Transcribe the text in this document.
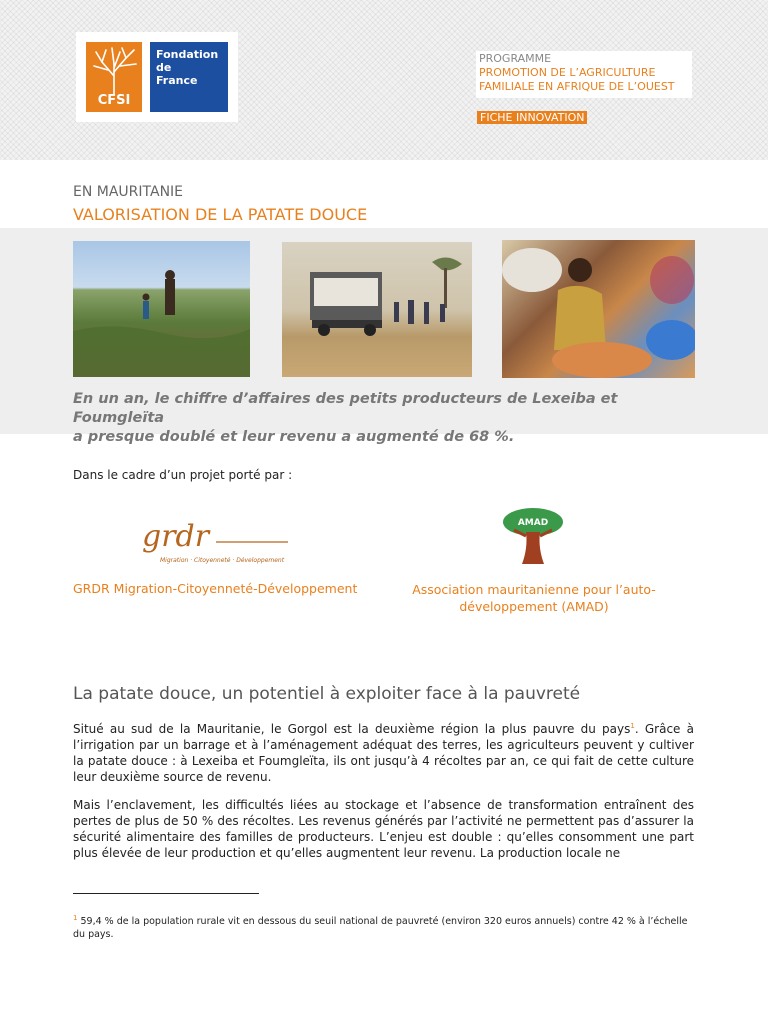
CFSI
Fondation
de
France
PROGRAMME
PROMOTION DE L’AGRICULTURE
FAMILIALE EN AFRIQUE DE L’OUEST
FICHE INNOVATION
EN MAURITANIE
VALORISATION DE LA PATATE DOUCE
En un an, le chiffre d’affaires des petits producteurs de Lexeiba et Foumgleïta
a presque doublé et leur revenu a augmenté de 68 %.
Dans le cadre d’un projet porté par :
grdr
Migration · Citoyenneté · Développement
AMAD
GRDR Migration-Citoyenneté-Développement	Association mauritanienne pour l’auto-
développement (AMAD)
La patate douce, un potentiel à exploiter face à la pauvreté
Situé au sud de la Mauritanie, le Gorgol est la deuxième région la plus pauvre du pays$^1$. Grâce à l’irrigation par un barrage et à l’aménagement adéquat des terres, les agriculteurs peuvent y cultiver la patate douce : à Lexeiba et Foumgleïta, ils ont jusqu’à 4 récoltes par an, ce qui fait de cette culture leur deuxième source de revenu.
Mais l’enclavement, les difficultés liées au stockage et l’absence de transformation entraînent des pertes de plus de 50 % des récoltes. Les revenus générés par l’activité ne permettent pas d’assurer la sécurité alimentaire des familles de producteurs. L’enjeu est double : qu’elles consomment une part plus élevée de leur production et qu’elles augmentent leur revenu. La production locale ne
$^1$ 59,4 % de la population rurale vit en dessous du seuil national de pauvreté (environ 320 euros annuels) contre 42 % à l’échelle du pays.
